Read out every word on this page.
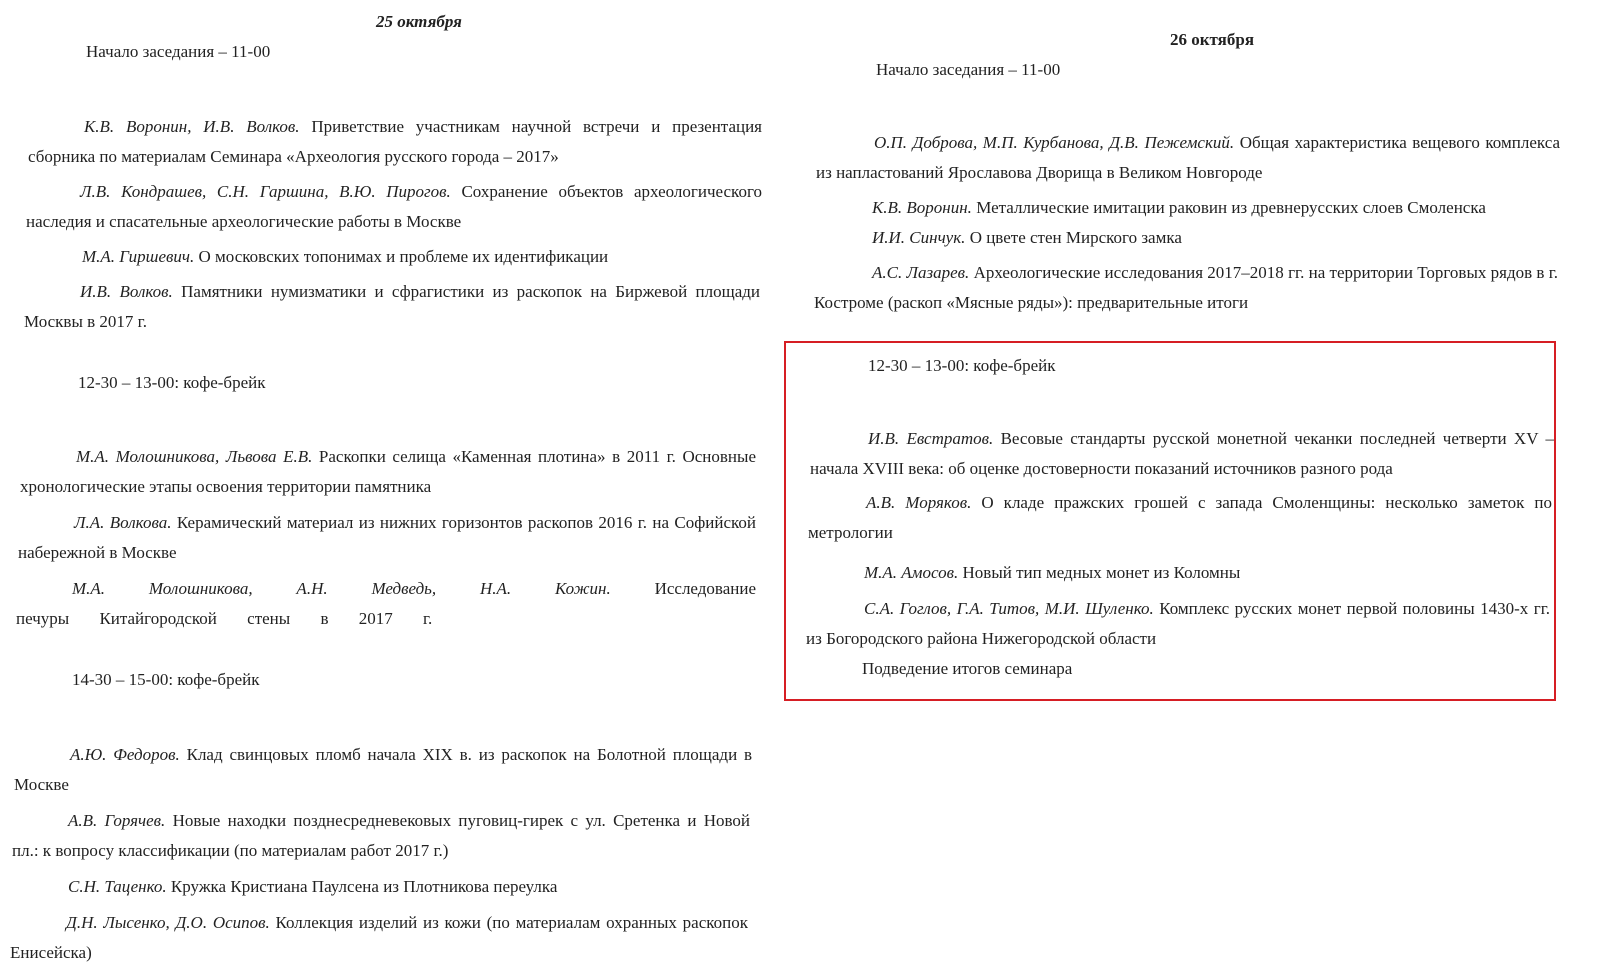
25 октября
Начало заседания – 11-00
К.В. Воронин, И.В. Волков. Приветствие участникам научной встречи и презентация сборника по материалам Семинара «Археология русского города – 2017»
Л.В. Кондрашев, С.Н. Гаршина, В.Ю. Пирогов. Сохранение объектов археологического наследия и спасательные археологические работы в Москве
М.А. Гиршевич. О московских топонимах и проблеме их идентификации
И.В. Волков. Памятники нумизматики и сфрагистики из раскопок на Биржевой площади Москвы в 2017 г.
12-30 – 13-00: кофе-брейк
М.А. Молошникова, Львова Е.В. Раскопки селища «Каменная плотина» в 2011 г. Основные хронологические этапы освоения территории памятника
Л.А. Волкова. Керамический материал из нижних горизонтов раскопов 2016 г. на Софийской набережной в Москве
М.А. Молошникова, А.Н. Медведь, Н.А. Кожин.	Исследование печуры Китайгородской стены в 2017 г.
14-30 – 15-00: кофе-брейк
А.Ю. Федоров. Клад свинцовых пломб начала XIX в. из раскопок на Болотной площади в Москве
А.В. Горячев. Новые находки позднесредневековых пуговиц-гирек с ул. Сретенка и Новой пл.: к вопросу классификации (по материалам работ 2017 г.)
С.Н. Таценко. Кружка Кристиана Паулсена из Плотникова переулка
Д.Н. Лысенко, Д.О. Осипов. Коллекция изделий из кожи (по материалам охранных раскопок Енисейска)
26 октября
Начало заседания – 11-00
О.П. Доброва, М.П. Курбанова, Д.В. Пежемский. Общая характеристика вещевого комплекса из напластований Ярославова Дворища в Великом Новгороде
К.В. Воронин. Металлические имитации раковин из древнерусских слоев Смоленска
И.И. Синчук. О цвете стен Мирского замка
А.С. Лазарев. Археологические исследования 2017–2018 гг. на территории Торговых рядов в г. Костроме (раскоп «Мясные ряды»): предварительные итоги
12-30 – 13-00: кофе-брейк
И.В. Евстратов. Весовые стандарты русской монетной чеканки последней четверти XV – начала XVIII века: об оценке достоверности показаний источников разного рода
А.В. Моряков. О кладе пражских грошей с запада Смоленщины: несколько заметок по метрологии
М.А. Амосов. Новый тип медных монет из Коломны
С.А. Гоглов, Г.А. Титов, М.И. Шуленко. Комплекс русских монет первой половины 1430-х гг. из Богородского района Нижегородской области
Подведение итогов семинара
